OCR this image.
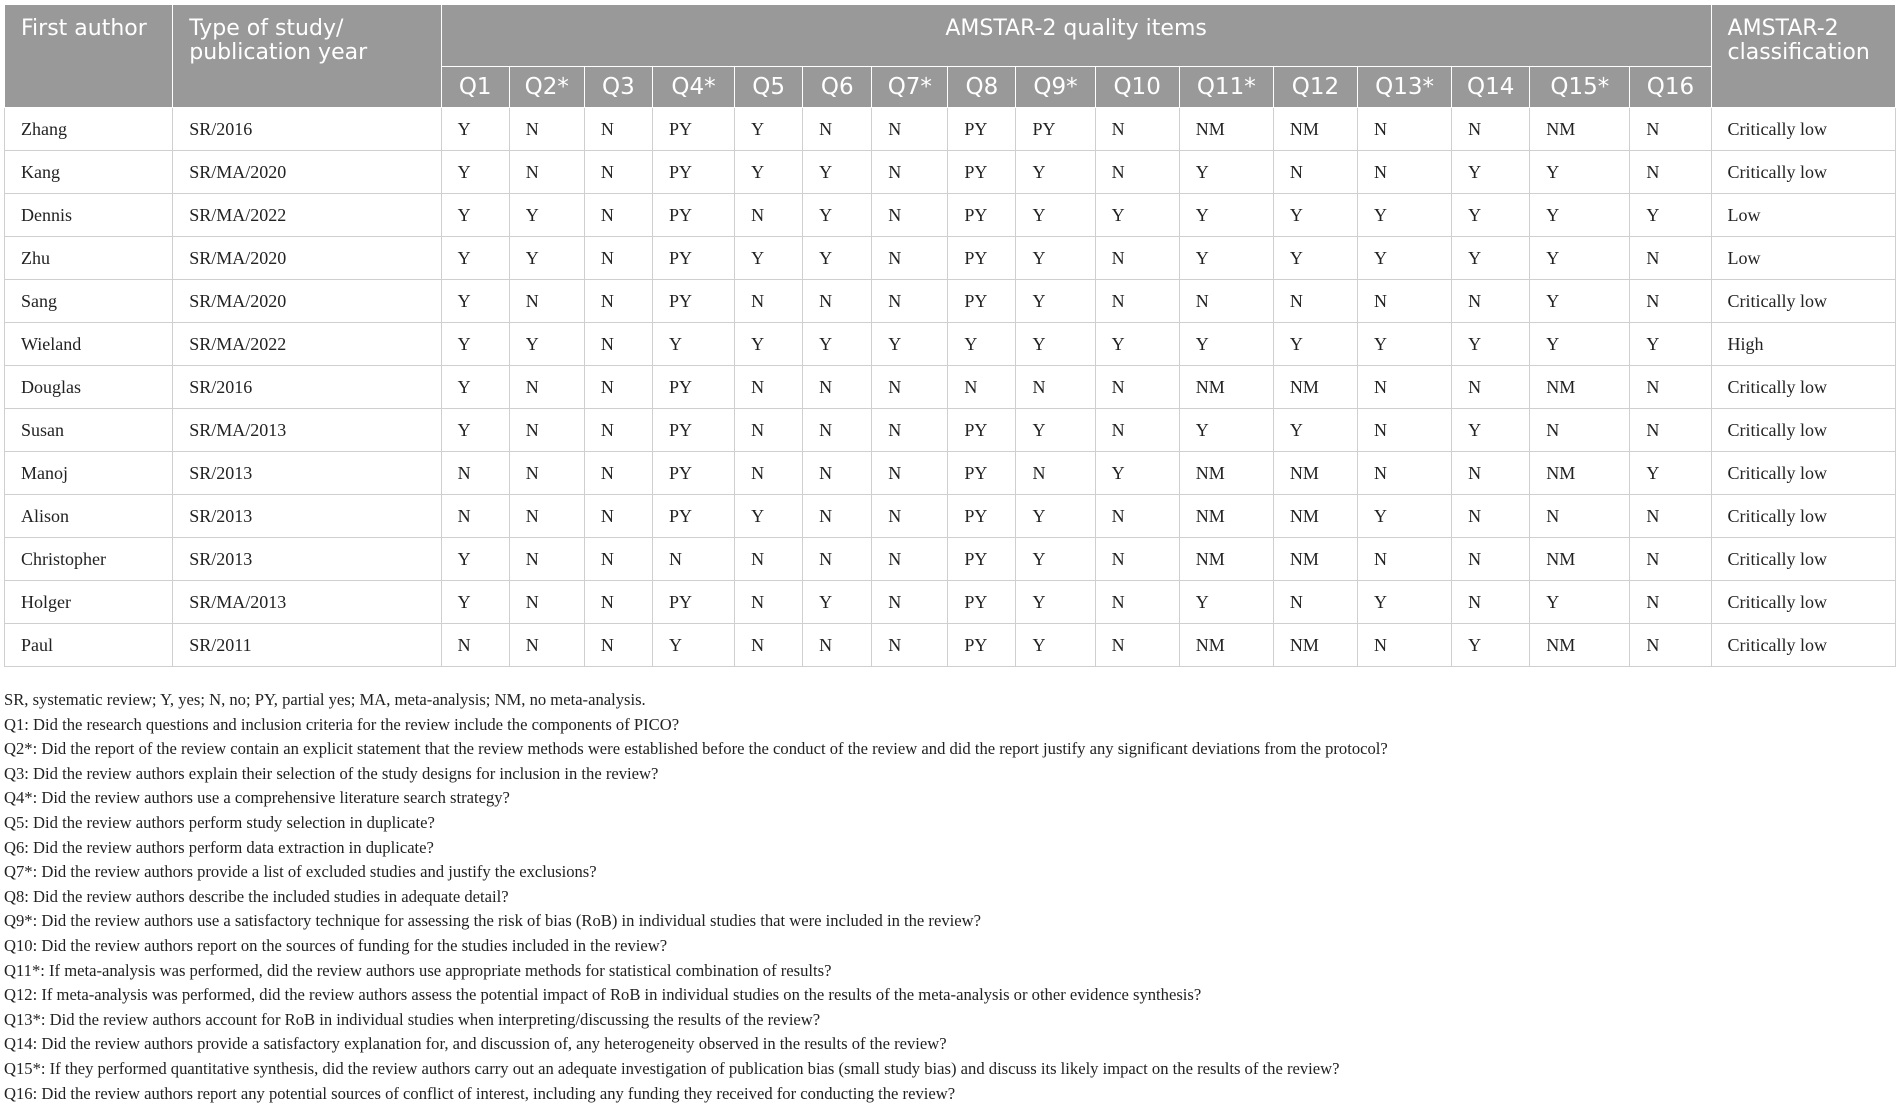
First author	Type of study/
publication year	AMSTAR-2 quality items																AMSTAR-2
classification
		Q1	Q2*	Q3	Q4*	Q5	Q6	Q7*	Q8	Q9*	Q10	Q11*	Q12	Q13*	Q14	Q15*	Q16	
Zhang	SR/2016	Y	N	N	PY	Y	N	N	PY	PY	N	NM	NM	N	N	NM	N	Critically low
Kang	SR/MA/2020	Y	N	N	PY	Y	Y	N	PY	Y	N	Y	N	N	Y	Y	N	Critically low
Dennis	SR/MA/2022	Y	Y	N	PY	N	Y	N	PY	Y	Y	Y	Y	Y	Y	Y	Y	Low
Zhu	SR/MA/2020	Y	Y	N	PY	Y	Y	N	PY	Y	N	Y	Y	Y	Y	Y	N	Low
Sang	SR/MA/2020	Y	N	N	PY	N	N	N	PY	Y	N	N	N	N	N	Y	N	Critically low
Wieland	SR/MA/2022	Y	Y	N	Y	Y	Y	Y	Y	Y	Y	Y	Y	Y	Y	Y	Y	High
Douglas	SR/2016	Y	N	N	PY	N	N	N	N	N	N	NM	NM	N	N	NM	N	Critically low
Susan	SR/MA/2013	Y	N	N	PY	N	N	N	PY	Y	N	Y	Y	N	Y	N	N	Critically low
Manoj	SR/2013	N	N	N	PY	N	N	N	PY	N	Y	NM	NM	N	N	NM	Y	Critically low
Alison	SR/2013	N	N	N	PY	Y	N	N	PY	Y	N	NM	NM	Y	N	N	N	Critically low
Christopher	SR/2013	Y	N	N	N	N	N	N	PY	Y	N	NM	NM	N	N	NM	N	Critically low
Holger	SR/MA/2013	Y	N	N	PY	N	Y	N	PY	Y	N	Y	N	Y	N	Y	N	Critically low
Paul	SR/2011	N	N	N	Y	N	N	N	PY	Y	N	NM	NM	N	Y	NM	N	Critically low
SR, systematic review; Y, yes; N, no; PY, partial yes; MA, meta-analysis; NM, no meta-analysis.
Q1: Did the research questions and inclusion criteria for the review include the components of PICO?
Q2*: Did the report of the review contain an explicit statement that the review methods were established before the conduct of the review and did the report justify any significant deviations from the protocol?
Q3: Did the review authors explain their selection of the study designs for inclusion in the review?
Q4*: Did the review authors use a comprehensive literature search strategy?
Q5: Did the review authors perform study selection in duplicate?
Q6: Did the review authors perform data extraction in duplicate?
Q7*: Did the review authors provide a list of excluded studies and justify the exclusions?
Q8: Did the review authors describe the included studies in adequate detail?
Q9*: Did the review authors use a satisfactory technique for assessing the risk of bias (RoB) in individual studies that were included in the review?
Q10: Did the review authors report on the sources of funding for the studies included in the review?
Q11*: If meta-analysis was performed, did the review authors use appropriate methods for statistical combination of results?
Q12: If meta-analysis was performed, did the review authors assess the potential impact of RoB in individual studies on the results of the meta-analysis or other evidence synthesis?
Q13*: Did the review authors account for RoB in individual studies when interpreting/discussing the results of the review?
Q14: Did the review authors provide a satisfactory explanation for, and discussion of, any heterogeneity observed in the results of the review?
Q15*: If they performed quantitative synthesis, did the review authors carry out an adequate investigation of publication bias (small study bias) and discuss its likely impact on the results of the review?
Q16: Did the review authors report any potential sources of conflict of interest, including any funding they received for conducting the review?
